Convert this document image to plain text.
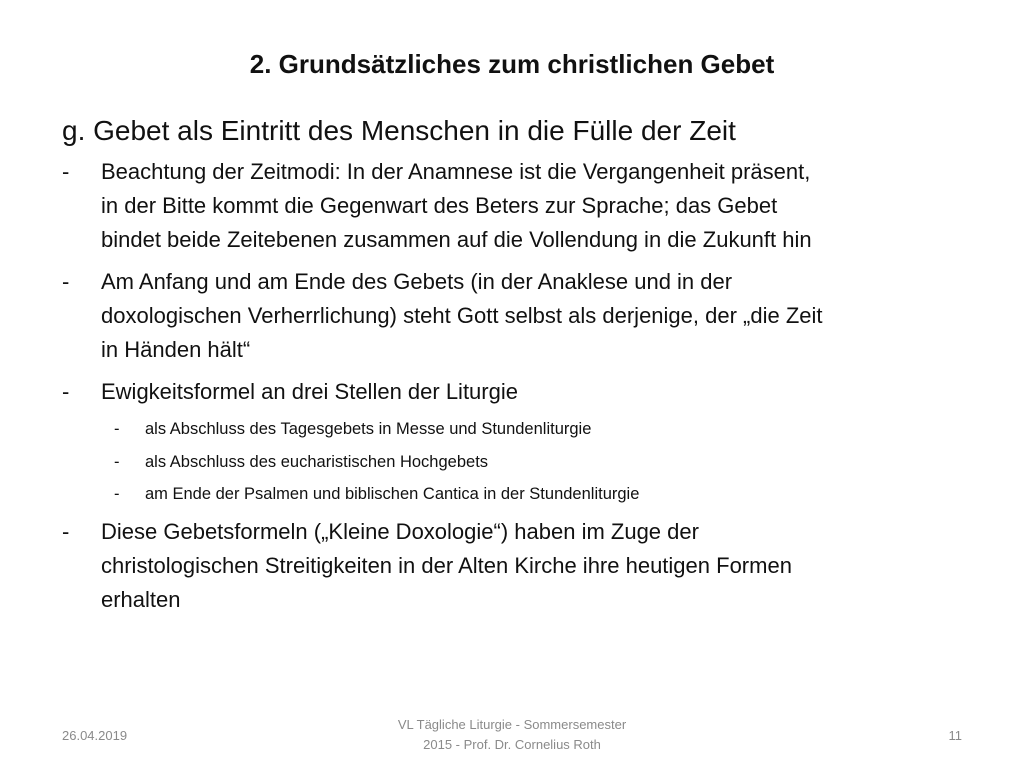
2. Grundsätzliches zum christlichen Gebet
g. Gebet als Eintritt des Menschen in die Fülle der Zeit
- Beachtung der Zeitmodi: In der Anamnese ist die Vergangenheit präsent,
in der Bitte kommt die Gegenwart des Beters zur Sprache; das Gebet
bindet beide Zeitebenen zusammen auf die Vollendung in die Zukunft hin
- Am Anfang und am Ende des Gebets (in der Anaklese und in der
doxologischen Verherrlichung) steht Gott selbst als derjenige, der „die Zeit
in Händen hält“
- Ewigkeitsformel an drei Stellen der Liturgie
- als Abschluss des Tagesgebets in Messe und Stundenliturgie
- als Abschluss des eucharistischen Hochgebets
- am Ende der Psalmen und biblischen Cantica in der Stundenliturgie
- Diese Gebetsformeln („Kleine Doxologie“) haben im Zuge der
christologischen Streitigkeiten in der Alten Kirche ihre heutigen Formen
erhalten
26.04.2019
VL Tägliche Liturgie - Sommersemester
2015 - Prof. Dr. Cornelius Roth
11
